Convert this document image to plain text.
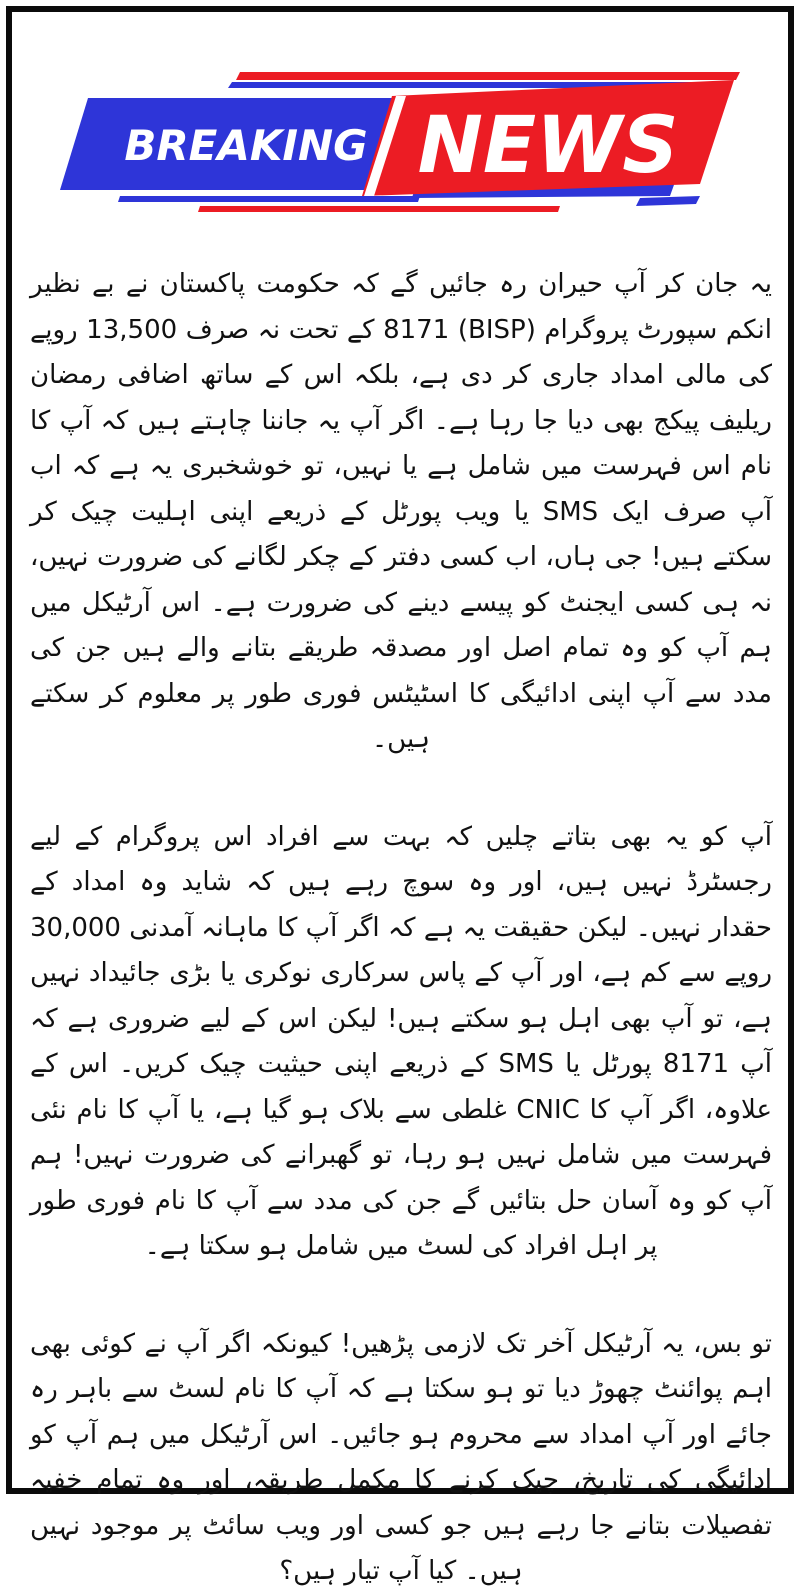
BREAKING NEWS

یہ جان کر آپ حیران رہ جائیں گے کہ حکومت پاکستان نے بے نظیر انکم سپورٹ پروگرام (BISP) 8171 کے تحت نہ صرف 13,500 روپے کی مالی امداد جاری کر دی ہے، بلکہ اس کے ساتھ اضافی رمضان ریلیف پیکج بھی دیا جا رہا ہے۔ اگر آپ یہ جاننا چاہتے ہیں کہ آپ کا نام اس فہرست میں شامل ہے یا نہیں، تو خوشخبری یہ ہے کہ اب آپ صرف ایک SMS یا ویب پورٹل کے ذریعے اپنی اہلیت چیک کر سکتے ہیں! جی ہاں، اب کسی دفتر کے چکر لگانے کی ضرورت نہیں، نہ ہی کسی ایجنٹ کو پیسے دینے کی ضرورت ہے۔ اس آرٹیکل میں ہم آپ کو وہ تمام اصل اور مصدقہ طریقے بتانے والے ہیں جن کی مدد سے آپ اپنی ادائیگی کا اسٹیٹس فوری طور پر معلوم کر سکتے ہیں۔

آپ کو یہ بھی بتاتے چلیں کہ بہت سے افراد اس پروگرام کے لیے رجسٹرڈ نہیں ہیں، اور وہ سوچ رہے ہیں کہ شاید وہ امداد کے حقدار نہیں۔ لیکن حقیقت یہ ہے کہ اگر آپ کا ماہانہ آمدنی 30,000 روپے سے کم ہے، اور آپ کے پاس سرکاری نوکری یا بڑی جائیداد نہیں ہے، تو آپ بھی اہل ہو سکتے ہیں! لیکن اس کے لیے ضروری ہے کہ آپ 8171 پورٹل یا SMS کے ذریعے اپنی حیثیت چیک کریں۔ اس کے علاوہ، اگر آپ کا CNIC غلطی سے بلاک ہو گیا ہے، یا آپ کا نام نئی فہرست میں شامل نہیں ہو رہا، تو گھبرانے کی ضرورت نہیں! ہم آپ کو وہ آسان حل بتائیں گے جن کی مدد سے آپ کا نام فوری طور پر اہل افراد کی لسٹ میں شامل ہو سکتا ہے۔

تو بس، یہ آرٹیکل آخر تک لازمی پڑھیں! کیونکہ اگر آپ نے کوئی بھی اہم پوائنٹ چھوڑ دیا تو ہو سکتا ہے کہ آپ کا نام لسٹ سے باہر رہ جائے اور آپ امداد سے محروم ہو جائیں۔ اس آرٹیکل میں ہم آپ کو ادائیگی کی تاریخ، چیک کرنے کا مکمل طریقہ، اور وہ تمام خفیہ تفصیلات بتانے جا رہے ہیں جو کسی اور ویب سائٹ پر موجود نہیں ہیں۔ کیا آپ تیار ہیں؟
